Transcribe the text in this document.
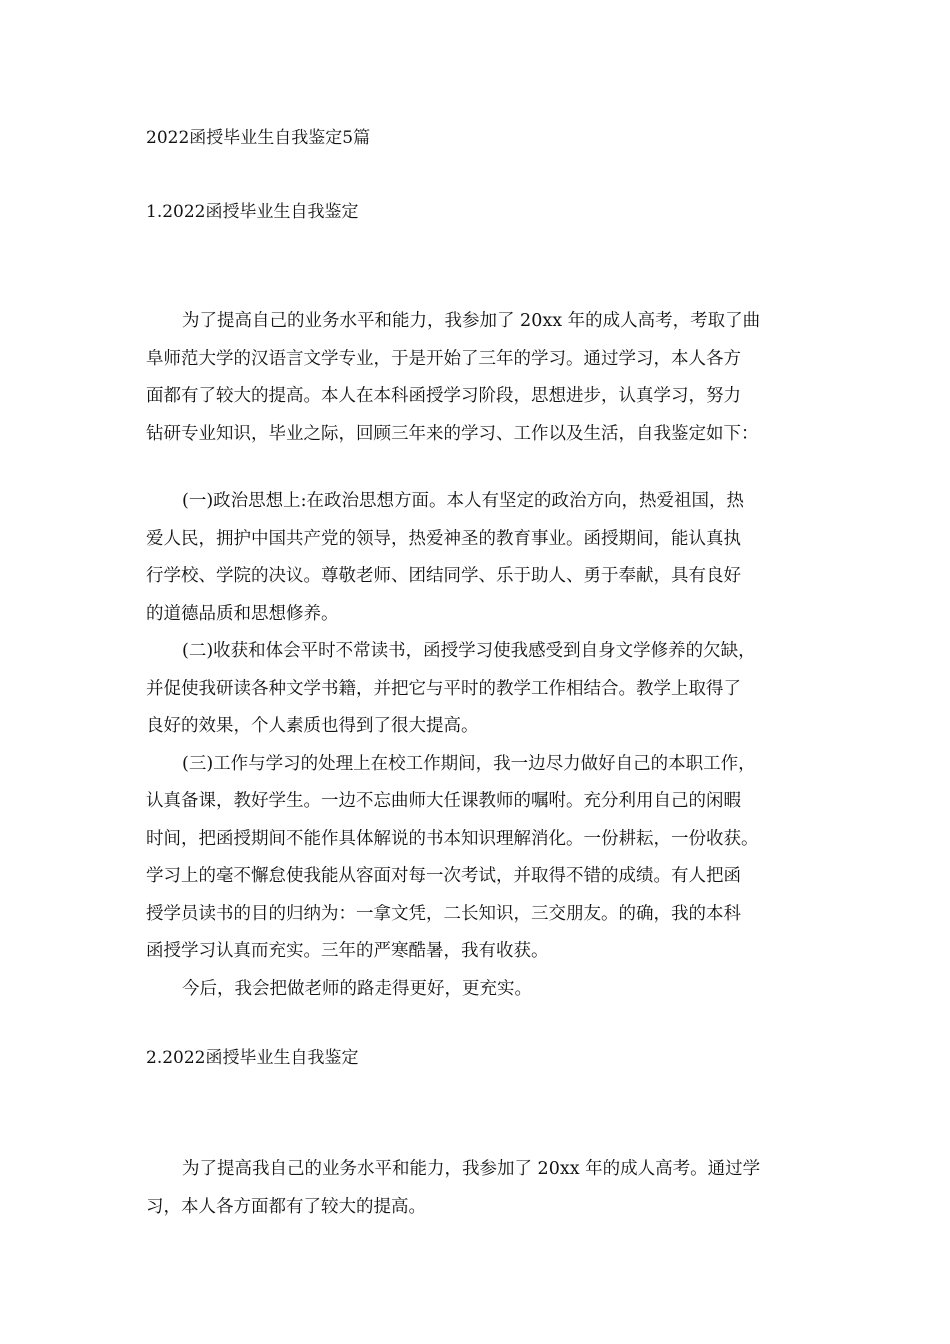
2022函授毕业生自我鉴定5篇
1.2022函授毕业生自我鉴定
为了提高自己的业务水平和能力，我参加了 20xx 年的成人高考，考取了曲
阜师范大学的汉语言文学专业，于是开始了三年的学习。通过学习，本人各方
面都有了较大的提高。本人在本科函授学习阶段，思想进步，认真学习，努力
钻研专业知识，毕业之际，回顾三年来的学习、工作以及生活，自我鉴定如下：
(一)政治思想上:在政治思想方面。本人有坚定的政治方向，热爱祖国，热
爱人民，拥护中国共产党的领导，热爱神圣的教育事业。函授期间，能认真执
行学校、学院的决议。尊敬老师、团结同学、乐于助人、勇于奉献，具有良好
的道德品质和思想修养。
(二)收获和体会平时不常读书，函授学习使我感受到自身文学修养的欠缺，
并促使我研读各种文学书籍，并把它与平时的教学工作相结合。教学上取得了
良好的效果，个人素质也得到了很大提高。
(三)工作与学习的处理上在校工作期间，我一边尽力做好自己的本职工作，
认真备课，教好学生。一边不忘曲师大任课教师的嘱咐。充分利用自己的闲暇
时间，把函授期间不能作具体解说的书本知识理解消化。一份耕耘，一份收获。
学习上的毫不懈怠使我能从容面对每一次考试，并取得不错的成绩。有人把函
授学员读书的目的归纳为：一拿文凭，二长知识，三交朋友。的确，我的本科
函授学习认真而充实。三年的严寒酷暑，我有收获。
今后，我会把做老师的路走得更好，更充实。
2.2022函授毕业生自我鉴定
为了提高我自己的业务水平和能力，我参加了 20xx 年的成人高考。通过学
习，本人各方面都有了较大的提高。
